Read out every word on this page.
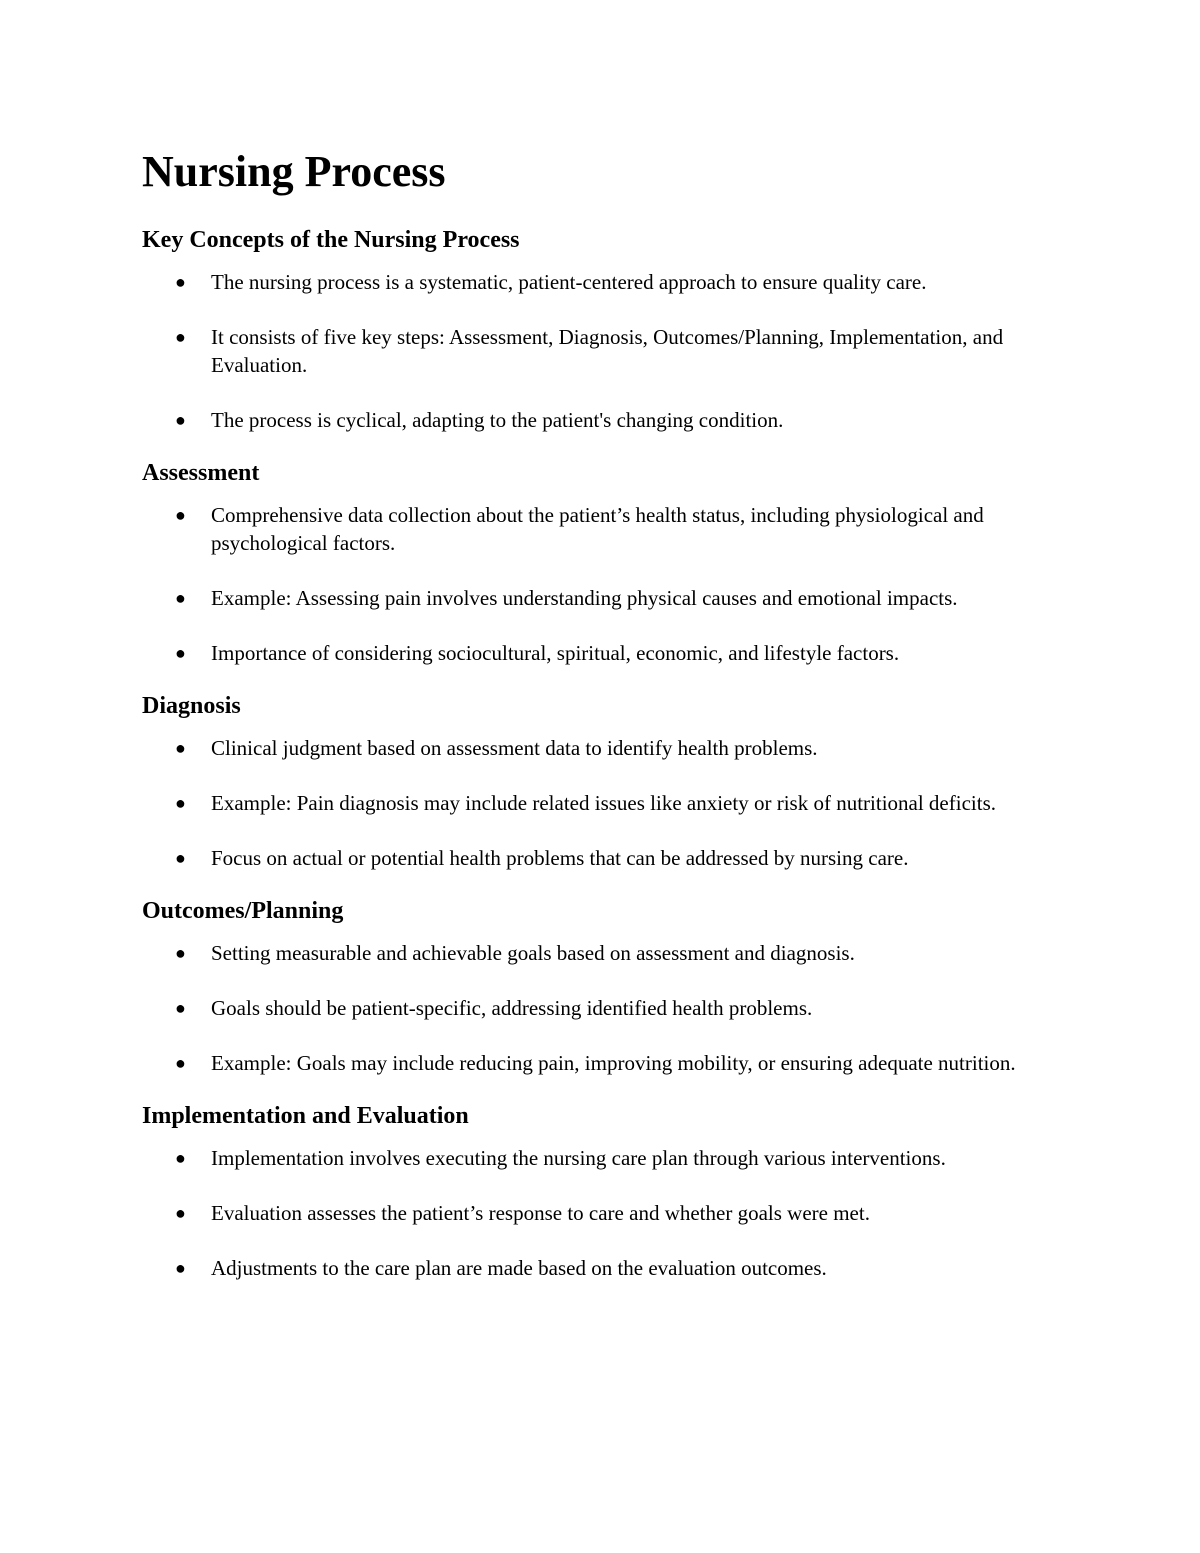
Nursing Process
Key Concepts of the Nursing Process
● The nursing process is a systematic, patient-centered approach to ensure quality care.
● It consists of five key steps: Assessment, Diagnosis, Outcomes/Planning, Implementation, and Evaluation.
● The process is cyclical, adapting to the patient's changing condition.
Assessment
● Comprehensive data collection about the patient’s health status, including physiological and psychological factors.
● Example: Assessing pain involves understanding physical causes and emotional impacts.
● Importance of considering sociocultural, spiritual, economic, and lifestyle factors.
Diagnosis
● Clinical judgment based on assessment data to identify health problems.
● Example: Pain diagnosis may include related issues like anxiety or risk of nutritional deficits.
● Focus on actual or potential health problems that can be addressed by nursing care.
Outcomes/Planning
● Setting measurable and achievable goals based on assessment and diagnosis.
● Goals should be patient-specific, addressing identified health problems.
● Example: Goals may include reducing pain, improving mobility, or ensuring adequate nutrition.
Implementation and Evaluation
● Implementation involves executing the nursing care plan through various interventions.
● Evaluation assesses the patient’s response to care and whether goals were met.
● Adjustments to the care plan are made based on the evaluation outcomes.
